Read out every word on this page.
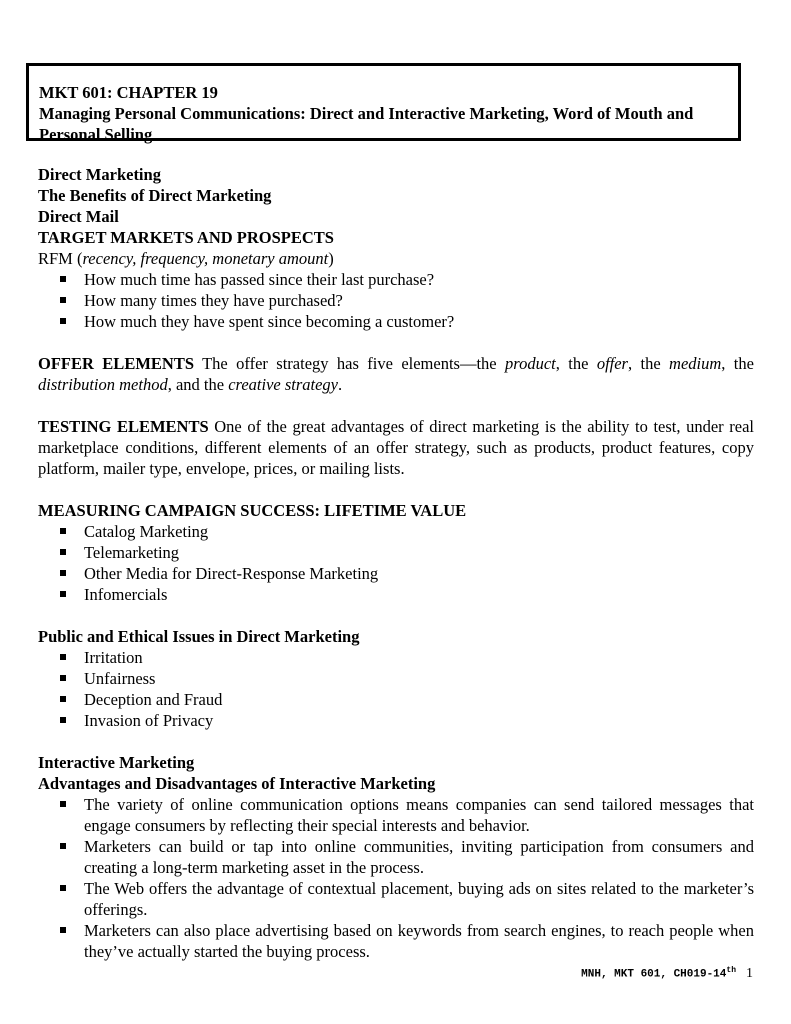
MKT 601: CHAPTER 19
Managing Personal Communications: Direct and Interactive Marketing, Word of Mouth and Personal Selling
Direct Marketing
The Benefits of Direct Marketing
Direct Mail
TARGET MARKETS AND PROSPECTS
RFM (recency, frequency, monetary amount)
How much time has passed since their last purchase?
How many times they have purchased?
How much they have spent since becoming a customer?
OFFER ELEMENTS The offer strategy has five elements—the product, the offer, the medium, the distribution method, and the creative strategy.
TESTING ELEMENTS One of the great advantages of direct marketing is the ability to test, under real marketplace conditions, different elements of an offer strategy, such as products, product features, copy platform, mailer type, envelope, prices, or mailing lists.
MEASURING CAMPAIGN SUCCESS: LIFETIME VALUE
Catalog Marketing
Telemarketing
Other Media for Direct-Response Marketing
Infomercials
Public and Ethical Issues in Direct Marketing
Irritation
Unfairness
Deception and Fraud
Invasion of Privacy
Interactive Marketing
Advantages and Disadvantages of Interactive Marketing
The variety of online communication options means companies can send tailored messages that engage consumers by reflecting their special interests and behavior.
Marketers can build or tap into online communities, inviting participation from consumers and creating a long-term marketing asset in the process.
The Web offers the advantage of contextual placement, buying ads on sites related to the marketer’s offerings.
Marketers can also place advertising based on keywords from search engines, to reach people when they’ve actually started the buying process.
MNH, MKT 601, CH019-14th 1
